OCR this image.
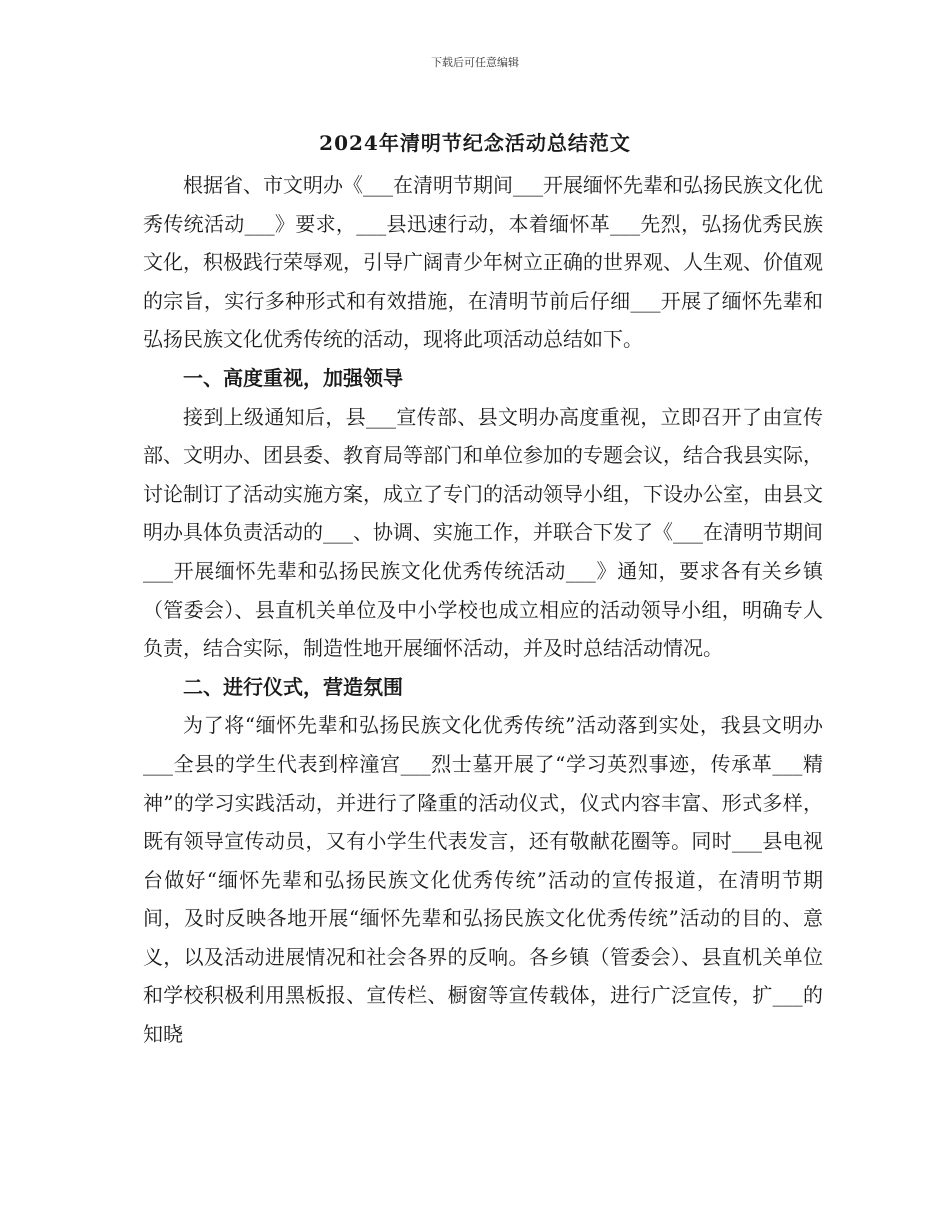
下载后可任意编辑
2024年清明节纪念活动总结范文

根据省、市文明办《___在清明节期间___开展缅怀先辈和弘扬民族文化优秀传统活动___》要求，___县迅速行动，本着缅怀革___先烈，弘扬优秀民族文化，积极践行荣辱观，引导广阔青少年树立正确的世界观、人生观、价值观的宗旨，实行多种形式和有效措施，在清明节前后仔细___开展了缅怀先辈和弘扬民族文化优秀传统的活动，现将此项活动总结如下。

一、高度重视，加强领导

接到上级通知后，县___宣传部、县文明办高度重视，立即召开了由宣传部、文明办、团县委、教育局等部门和单位参加的专题会议，结合我县实际，讨论制订了活动实施方案，成立了专门的活动领导小组，下设办公室，由县文明办具体负责活动的___、协调、实施工作，并联合下发了《___在清明节期间___开展缅怀先辈和弘扬民族文化优秀传统活动___》通知，要求各有关乡镇（管委会）、县直机关单位及中小学校也成立相应的活动领导小组，明确专人负责，结合实际，制造性地开展缅怀活动，并及时总结活动情况。

二、进行仪式，营造氛围

为了将“缅怀先辈和弘扬民族文化优秀传统”活动落到实处，我县文明办___全县的学生代表到梓潼宫___烈士墓开展了“学习英烈事迹，传承革___精神”的学习实践活动，并进行了隆重的活动仪式，仪式内容丰富、形式多样，既有领导宣传动员，又有小学生代表发言，还有敬献花圈等。同时___县电视台做好“缅怀先辈和弘扬民族文化优秀传统”活动的宣传报道，在清明节期间，及时反映各地开展“缅怀先辈和弘扬民族文化优秀传统”活动的目的、意义，以及活动进展情况和社会各界的反响。各乡镇（管委会）、县直机关单位和学校积极利用黑板报、宣传栏、橱窗等宣传载体，进行广泛宣传，扩___的知晓
